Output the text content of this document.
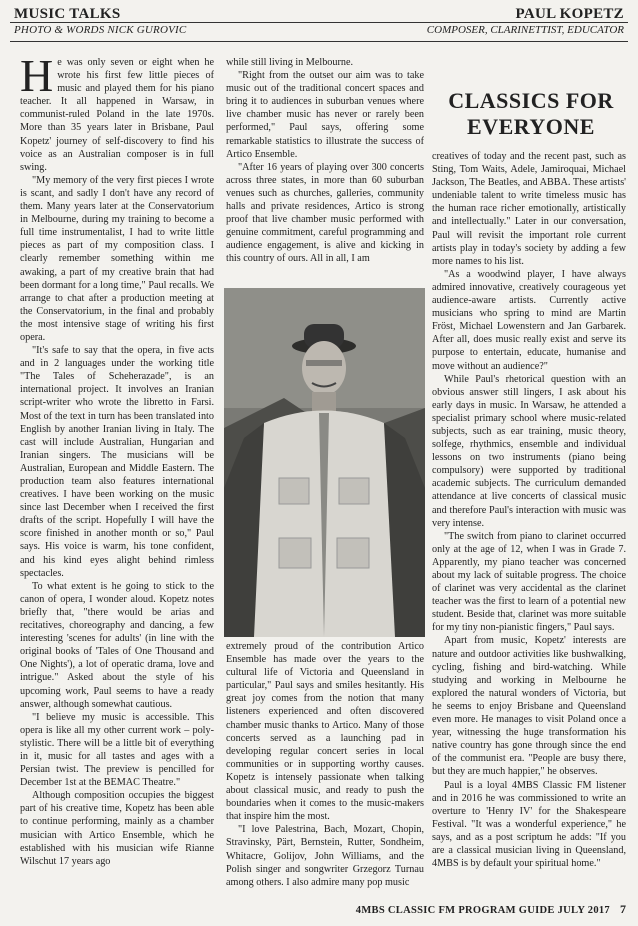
MUSIC TALKS
PHOTO & WORDS NICK GUROVIC
PAUL KOPETZ
COMPOSER, CLARINETTIST, EDUCATOR

He was only seven or eight when he wrote his first few little pieces of music and played them for his piano teacher. It all happened in Warsaw, in communist-ruled Poland in the late 1970s. More than 35 years later in Brisbane, Paul Kopetz' journey of self-discovery to find his voice as an Australian composer is in full swing.

"My memory of the very first pieces I wrote is scant, and sadly I don't have any record of them. Many years later at the Conservatorium in Melbourne, during my training to become a full time instrumentalist, I had to write little pieces as part of my composition class. I clearly remember something within me awaking, a part of my creative brain that had been dormant for a long time," Paul recalls. We arrange to chat after a production meeting at the Conservatorium, in the final and probably the most intensive stage of writing his first opera.

"It's safe to say that the opera, in five acts and in 2 languages under the working title "The Tales of Scheherazade", is an international project. It involves an Iranian script-writer who wrote the libretto in Farsi. Most of the text in turn has been translated into English by another Iranian living in Italy. The cast will include Australian, Hungarian and Iranian singers. The musicians will be Australian, European and Middle Eastern. The production team also features international creatives. I have been working on the music since last December when I received the first drafts of the script. Hopefully I will have the score finished in another month or so," Paul says. His voice is warm, his tone confident, and his kind eyes alight behind rimless spectacles.

To what extent is he going to stick to the canon of opera, I wonder aloud. Kopetz notes briefly that, "there would be arias and recitatives, choreography and dancing, a few interesting 'scenes for adults' (in line with the original books of 'Tales of One Thousand and One Nights'), a lot of operatic drama, love and intrigue." Asked about the style of his upcoming work, Paul seems to have a ready answer, although somewhat cautious.

"I believe my music is accessible. This opera is like all my other current work – poly-stylistic. There will be a little bit of everything in it, music for all tastes and ages with a Persian twist. The preview is pencilled for December 1st at the BEMAC Theatre."

Although composition occupies the biggest part of his creative time, Kopetz has been able to continue performing, mainly as a chamber musician with Artico Ensemble, which he established with his musician wife Rianne Wilschut 17 years ago

while still living in Melbourne.

"Right from the outset our aim was to take music out of the traditional concert spaces and bring it to audiences in suburban venues where live chamber music has never or rarely been performed," Paul says, offering some remarkable statistics to illustrate the success of Artico Ensemble.

"After 16 years of playing over 300 concerts across three states, in more than 60 suburban venues such as churches, galleries, community halls and private residences, Artico is strong proof that live chamber music performed with genuine commitment, careful programming and audience engagement, is alive and kicking in this country of ours. All in all, I am

extremely proud of the contribution Artico Ensemble has made over the years to the cultural life of Victoria and Queensland in particular," Paul says and smiles hesitantly. His great joy comes from the notion that many listeners experienced and often discovered chamber music thanks to Artico. Many of those concerts served as a launching pad in developing regular concert series in local communities or in supporting worthy causes. Kopetz is intensely passionate when talking about classical music, and ready to push the boundaries when it comes to the music-makers that inspire him the most.

"I love Palestrina, Bach, Mozart, Chopin, Stravinsky, Pärt, Bernstein, Rutter, Sondheim, Whitacre, Golijov, John Williams, and the Polish singer and songwriter Grzegorz Turnau among others. I also admire many pop music

CLASSICS FOR
EVERYONE

creatives of today and the recent past, such as Sting, Tom Waits, Adele, Jamiroquai, Michael Jackson, The Beatles, and ABBA. These artists' undeniable talent to write timeless music has the human race richer emotionally, artistically and intellectually." Later in our conversation, Paul will revisit the important role current artists play in today's society by adding a few more names to his list.

"As a woodwind player, I have always admired innovative, creatively courageous yet audience-aware artists. Currently active musicians who spring to mind are Martin Fröst, Michael Lowenstern and Jan Garbarek. After all, does music really exist and serve its purpose to entertain, educate, humanise and move without an audience?"

While Paul's rhetorical question with an obvious answer still lingers, I ask about his early days in music. In Warsaw, he attended a specialist primary school where music-related subjects, such as ear training, music theory, solfege, rhythmics, ensemble and individual lessons on two instruments (piano being compulsory) were supported by traditional academic subjects. The curriculum demanded attendance at live concerts of classical music and therefore Paul's interaction with music was very intense.

"The switch from piano to clarinet occurred only at the age of 12, when I was in Grade 7. Apparently, my piano teacher was concerned about my lack of suitable progress. The choice of clarinet was very accidental as the clarinet teacher was the first to learn of a potential new student. Beside that, clarinet was more suitable for my tiny non-pianistic fingers," Paul says.

Apart from music, Kopetz' interests are nature and outdoor activities like bushwalking, cycling, fishing and bird-watching. While studying and working in Melbourne he explored the natural wonders of Victoria, but he seems to enjoy Brisbane and Queensland even more. He manages to visit Poland once a year, witnessing the huge transformation his native country has gone through since the end of the communist era. "People are busy there, but they are much happier," he observes.

Paul is a loyal 4MBS Classic FM listener and in 2016 he was commissioned to write an overture to 'Henry IV' for the Shakespeare Festival. "It was a wonderful experience," he says, and as a post scriptum he adds: "If you are a classical musician living in Queensland, 4MBS is by default your spiritual home."

4MBS CLASSIC FM PROGRAM GUIDE JULY 2017 7
